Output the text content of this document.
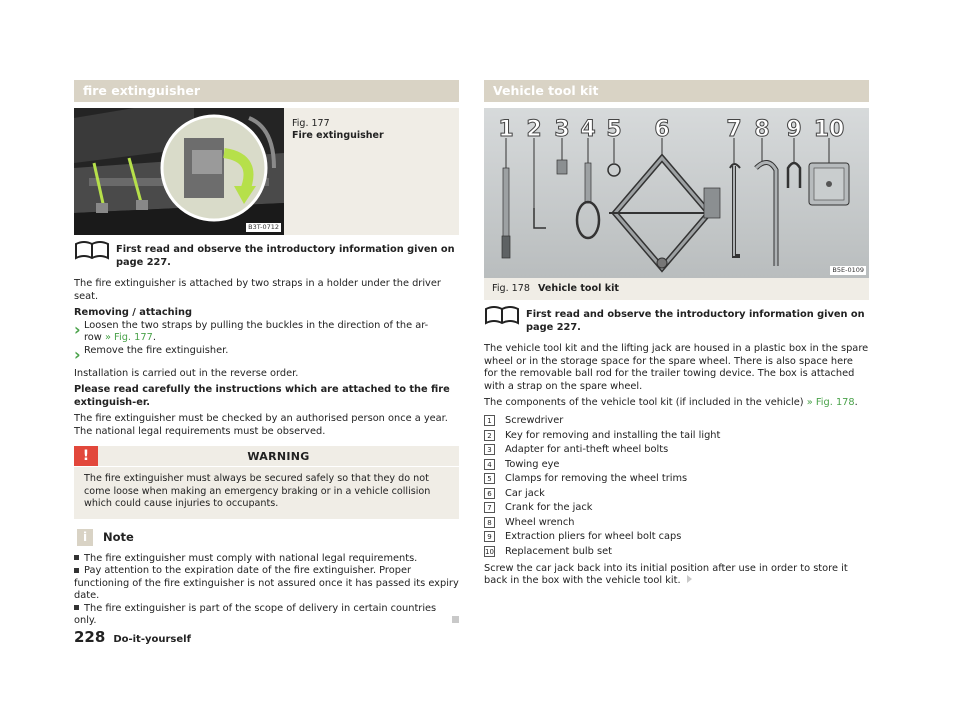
fire extinguisher
B3T-0712
Fig. 177
Fire extinguisher
First read and observe the introductory information given on page 227.

The fire extinguisher is attached by two straps in a holder under the driver seat.

Removing / attaching

› Loosen the two straps by pulling the buckles in the direction of the ar-
row » Fig. 177.

› Remove the fire extinguisher.

Installation is carried out in the reverse order.

Please read carefully the instructions which are attached to the fire extinguish-er.

The fire extinguisher must be checked by an authorised person once a year. The national legal requirements must be observed.

!	WARNING
The fire extinguisher must always be secured safely so that they do not come loose when making an emergency braking or in a vehicle collision which could cause injuries to occupants.
i	Note

The fire extinguisher must comply with national legal requirements.

Pay attention to the expiration date of the fire extinguisher. Proper functioning of the fire extinguisher is not assured once it has passed its expiry date.

The fire extinguisher is part of the scope of delivery in certain countries only.

Vehicle tool kit
1 2 3 4 5 6	7 8 9 10
B5E-0109
Fig. 178 Vehicle tool kit
First read and observe the introductory information given on page 227.

The vehicle tool kit and the lifting jack are housed in a plastic box in the spare wheel or in the storage space for the spare wheel. There is also space here for the removable ball rod for the trailer towing device. The box is attached with a strap on the spare wheel.

The components of the vehicle tool kit (if included in the vehicle) » Fig. 178.

1	Screwdriver
2	Key for removing and installing the tail light
3	Adapter for anti-theft wheel bolts
4	Towing eye
5	Clamps for removing the wheel trims
6	Car jack
7	Crank for the jack
8	Wheel wrench
9	Extraction pliers for wheel bolt caps
10 Replacement bulb set

Screw the car jack back into its initial position after use in order to store it back in the box with the vehicle tool kit.

228 Do-it-yourself
